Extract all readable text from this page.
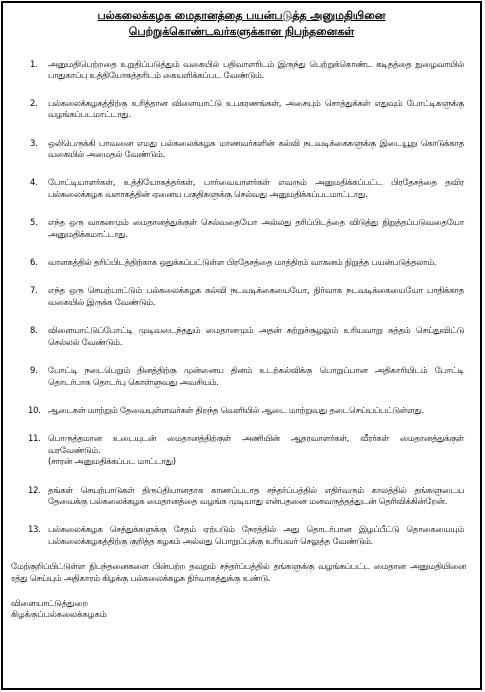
பல்கலைக்கழக மைதானத்தை பயன்படுத்த அனுமதியினை
பெற்றுக்கொண்டவர்களுக்கான நிபந்தனைகள்
1. அனுமதிபெற்றதை உறுதிப்படுத்தும் வகையில் பதிவாளரிடம் இருந்து பெற்றுக்கொண்ட கடிதத்தை நுழைவாயில் பாதுகாப்பு உத்தியோகத்தரிடம் கையளிக்கப்பட வேண்டும்.
2. பல்கலைக்கழகத்திற்கு உரித்தான விளையாட்டு உபகரணங்கள், அசையும் சொத்துக்கள் எதுவும் போட்டிகளுக்கு வழங்கப்படமாட்டாது.
3. ஒலிபெருக்கி பாவனை எமது பல்கலைக்கழக மாணவர்களின் கல்வி நடவடிக்கைகளுக்கு இடையூறு கொடுக்காத வகையில் அமைதல் வேண்டும்.
4. போட்டியாளர்கள், உத்தியோகத்தர்கள், பார்வையாளர்கள் எவரும் அனுமதிக்கப்பட்ட பிரதேசத்தை தவிர பல்கலைக்கழக வளாகத்தின் ஏனைய பகுதிகளுக்கு செல்வது அனுமதிக்கப்படமாட்டாது.
5. எந்த ஒரு வாகனமும் மைதானத்துக்குள் செல்வதையோ அல்லது தரிப்பிடத்தை விடுத்து நிறுத்தப்படுவதையோ அனுமதிக்கமாட்டாது.
6. வாளகத்தில் தரிப்பிடத்திற்காக ஒதுக்கப்பட்டுள்ள பிரதேசத்தை மாத்திரம் வாகனம் நிறுத்த பயன்படுத்தலாம்.
7. எந்த ஒரு செயற்பாட்டும் பல்கலைக்கழக கல்வி நடவடிக்கையையோ, நிர்வாக நடவடிக்கையையோ பாதிக்காத வகையில் இருக்க வேண்டும்.
8. விளையாட்டுப்போட்டி முடிவடைந்ததும் மைதானமும் அதன் சுற்றுச்சூழலும் உரியவாறு சுத்தம் செய்துவிட்டு செல்லல் வேண்டும்.
9. போட்டி நடைபெறும் தினத்திற்கு முன்னைய தினம் உடற்கல்விக்கு பொறுப்பான அதிகாரியிடம் போட்டி தொடர்பாக தொடர்பு கொள்ளுவது அவசியம்.
10. ஆடைகள் மாற்றும் தேவையுள்ளவர்கள் திறந்த வெளியில் ஆடை மாற்றுவது தடைசெய்யப்பட்டுள்ளது.
11. பொருத்தமான உடையுடன் மைதானத்திற்குள் அணியின் ஆதரவாளர்கள், வீரர்கள் மைதானத்துக்குள் வரவேண்டும்.
(சாரன் அனுமதிக்கப்பட மாட்டாது)
12. தங்கள் செயற்பாடுகள் திருப்தியானதாக காணப்படாத சந்தர்ப்பத்தில் எதிர்வரும் காலத்தில் தங்களுடைய தேவைக்கு பல்கலைக்கழக மைதானத்தை வழங்க முடியாது என்பதனை மனவருத்தத்துடன் தெரிவிக்கின்றேன்.
13. பல்கலைக்கழக செத்துக்களுக்கு சேதம் ஏற்படும் நேரத்தில் அது தொடர்பான இழப்பீட்டு தொகையையும் பல்கலைக்கழகத்திற்கு குறித்த கழகம் அல்லது பொறுப்புக்கு உரியவர் செலுத்த வேண்டும்.
மேற்குறிப்பிட்டுள்ள நிபந்தனைகளை பின்பற்ற தவறும் சந்தர்ப்பத்தில் தங்களுக்கு வழங்கப்பட்ட மைதான அனுமதியினை ரத்து செய்யும் அதிகாரம் கிழக்கு பல்கலைக்கழக நிர்வாகத்துக்கு உண்டு.
விளையாட்டுத்துறை
கிழக்குப்பல்கலைக்கழகம்
